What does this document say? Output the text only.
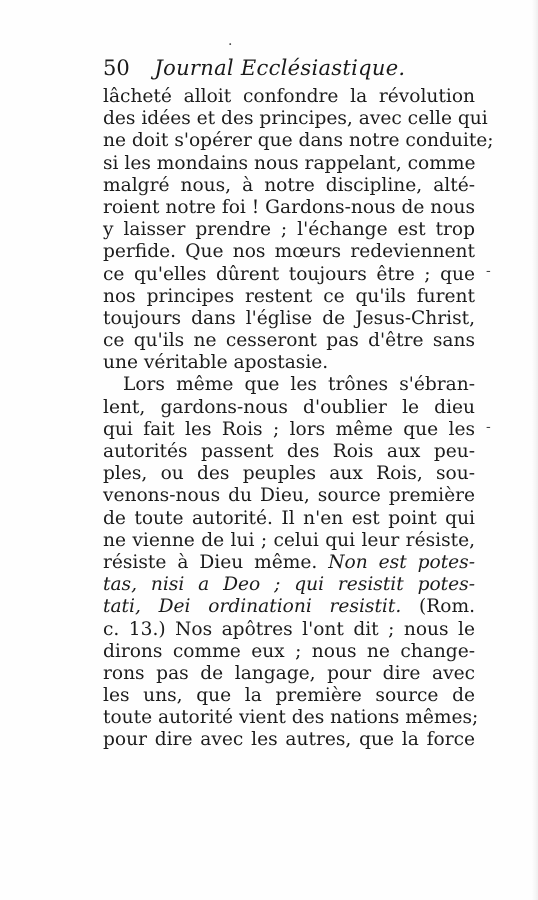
50 Journal Ecclésiastique.
lâcheté alloit confondre la révolution
des idées et des principes, avec celle qui
ne doit s'opérer que dans notre conduite;
si les mondains nous rappelant, comme
malgré nous, à notre discipline, alté-
roient notre foi ! Gardons-nous de nous
y laisser prendre ; l'échange est trop
perfide. Que nos mœurs redeviennent
ce qu'elles dûrent toujours être ; que
nos principes restent ce qu'ils furent
toujours dans l'église de Jesus-Christ,
ce qu'ils ne cesseront pas d'être sans
une véritable apostasie.
Lors même que les trônes s'ébran-
lent, gardons-nous d'oublier le dieu
qui fait les Rois ; lors même que les
autorités passent des Rois aux peu-
ples, ou des peuples aux Rois, sou-
venons-nous du Dieu, source première
de toute autorité. Il n'en est point qui
ne vienne de lui ; celui qui leur résiste,
résiste à Dieu même. Non est potes-
tas, nisi a Deo ; qui resistit potes-
tati, Dei ordinationi resistit. (Rom.
c. 13.) Nos apôtres l'ont dit ; nous le
dirons comme eux ; nous ne change-
rons pas de langage, pour dire avec
les uns, que la première source de
toute autorité vient des nations mêmes;
pour dire avec les autres, que la force
·
-
-
